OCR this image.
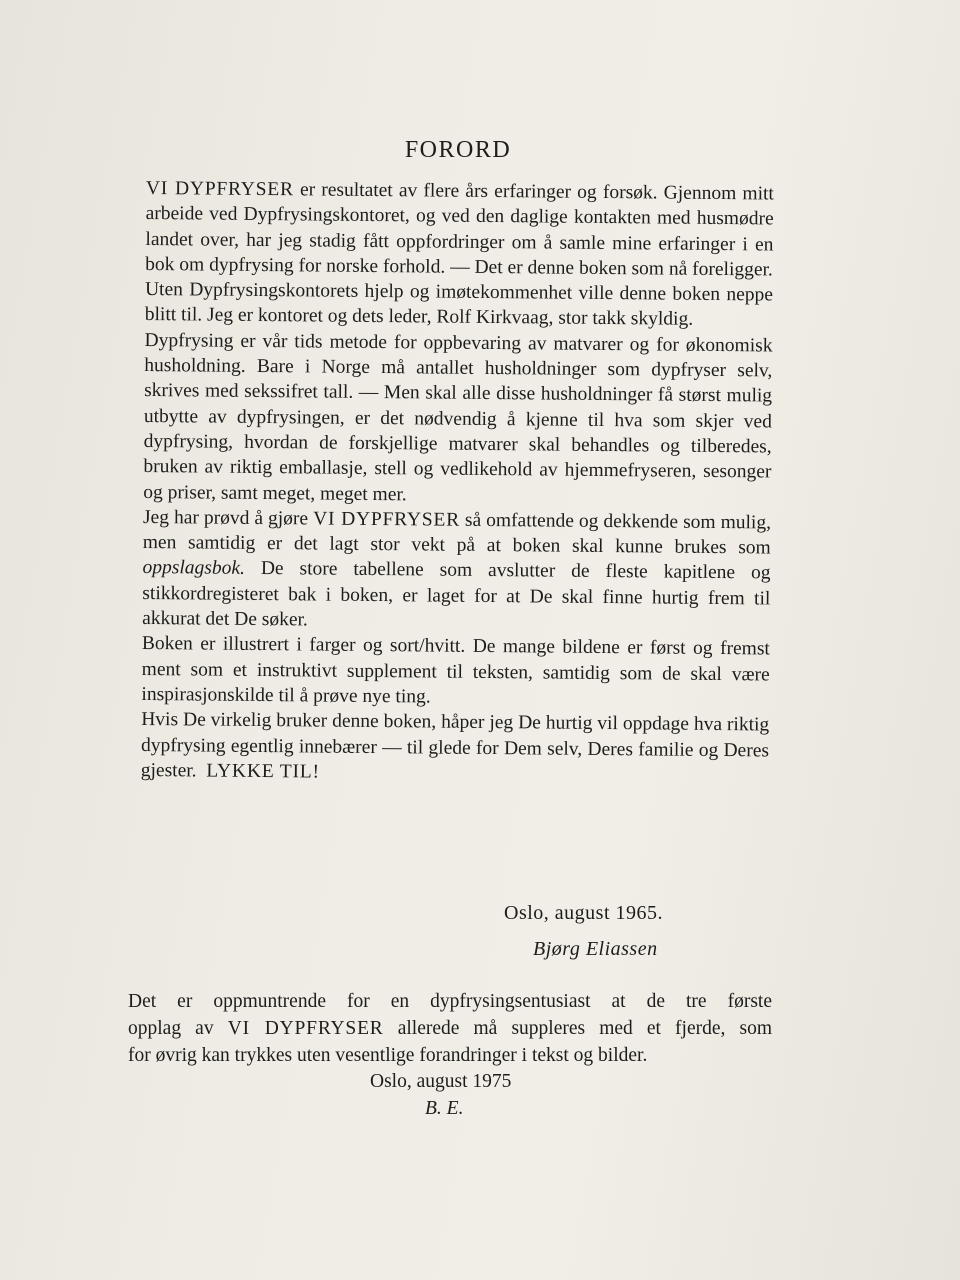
FORORD

VI DYPFRYSER er resultatet av flere års erfaringer og forsøk. Gjennom mitt arbeide ved Dypfrysingskontoret, og ved den daglige kontakten med husmødre landet over, har jeg stadig fått oppfordringer om å samle mine erfaringer i en bok om dypfrysing for norske forhold. — Det er denne boken som nå foreligger.

Uten Dypfrysingskontorets hjelp og imøtekommenhet ville denne boken neppe blitt til. Jeg er kontoret og dets leder, Rolf Kirkvaag, stor takk skyldig.

Dypfrysing er vår tids metode for oppbevaring av matvarer og for økonomisk husholdning. Bare i Norge må antallet husholdninger som dypfryser selv, skrives med sekssifret tall. — Men skal alle disse husholdninger få størst mulig utbytte av dypfrysingen, er det nødvendig å kjenne til hva som skjer ved dypfrysing, hvordan de forskjellige matvarer skal behandles og tilberedes, bruken av riktig emballasje, stell og vedlikehold av hjemmefryseren, sesonger og priser, samt meget, meget mer.

Jeg har prøvd å gjøre VI DYPFRYSER så omfattende og dekkende som mulig, men samtidig er det lagt stor vekt på at boken skal kunne brukes som oppslagsbok. De store tabellene som avslutter de fleste kapitlene og stikkordregisteret bak i boken, er laget for at De skal finne hurtig frem til akkurat det De søker.

Boken er illustrert i farger og sort/hvitt. De mange bildene er først og fremst ment som et instruktivt supplement til teksten, samtidig som de skal være inspirasjonskilde til å prøve nye ting.

Hvis De virkelig bruker denne boken, håper jeg De hurtig vil oppdage hva riktig dypfrysing egentlig innebærer — til glede for Dem selv, Deres familie og Deres gjester. LYKKE TIL!

Oslo, august 1965.
Bjørg Eliassen

Det er oppmuntrende for en dypfrysingsentusiast at de tre første
opplag av VI DYPFRYSER allerede må suppleres med et fjerde, som
for øvrig kan trykkes uten vesentlige forandringer i tekst og bilder.

Oslo, august 1975
B. E.
